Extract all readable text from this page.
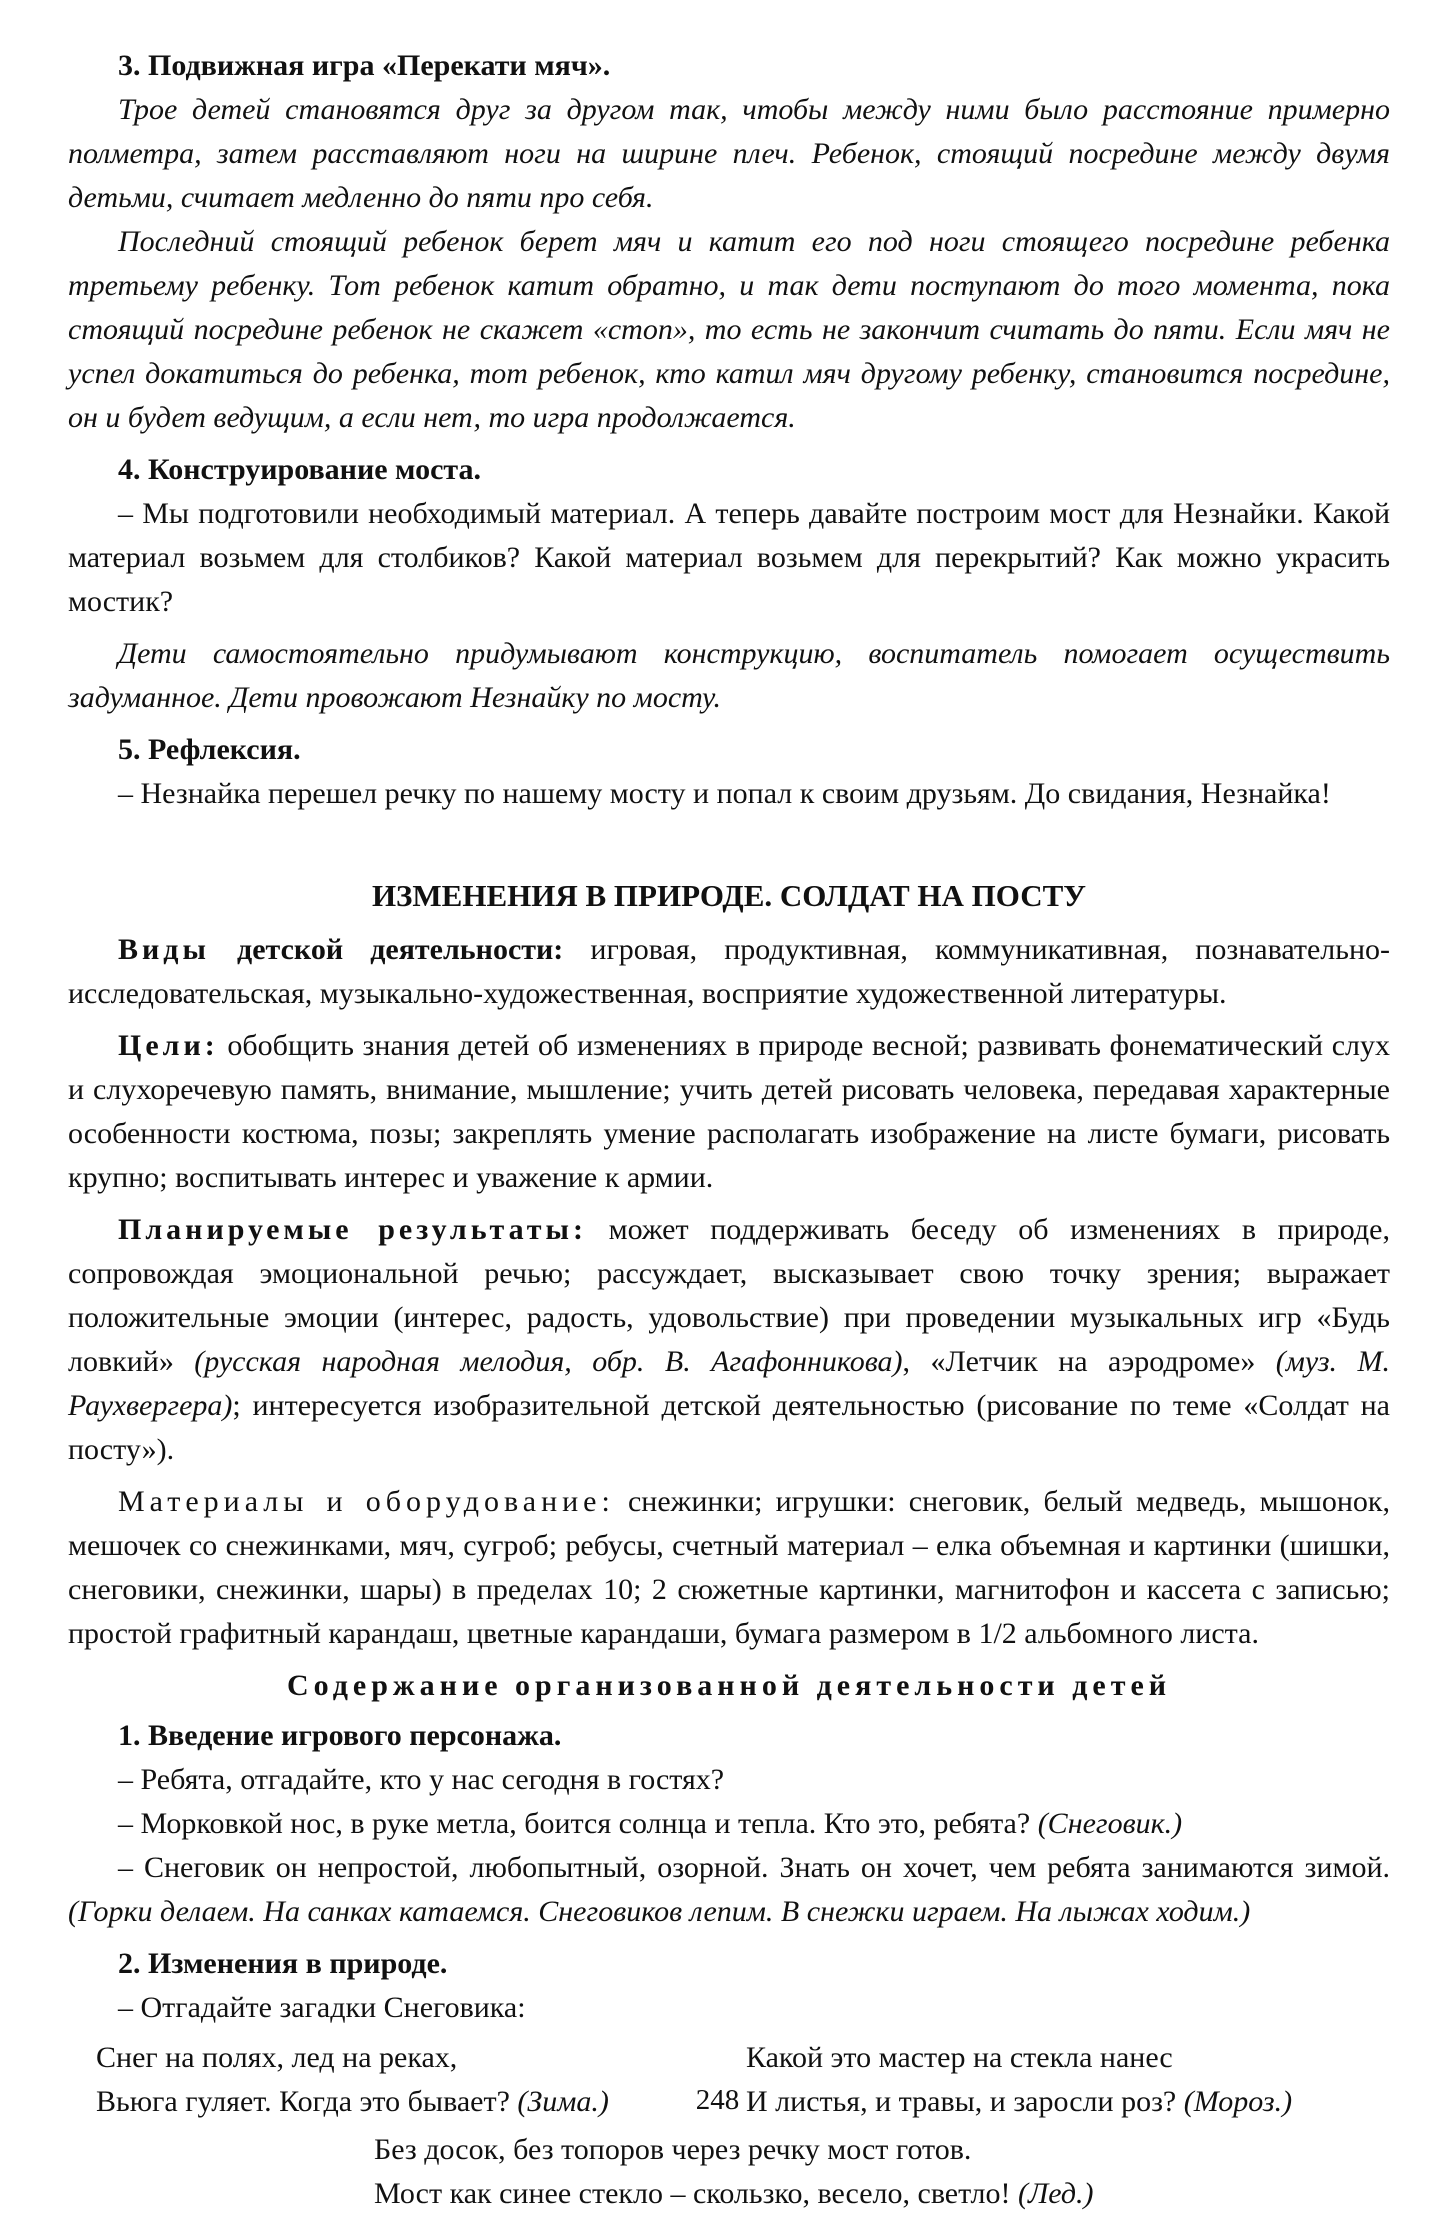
3. Подвижная игра «Перекати мяч».

Трое детей становятся друг за другом так, чтобы между ними было расстояние примерно полметра, затем расставляют ноги на ширине плеч. Ребенок, стоящий посредине между двумя детьми, считает медленно до пяти про себя.

Последний стоящий ребенок берет мяч и катит его под ноги стоящего посредине ребенка третьему ребенку. Тот ребенок катит обратно, и так дети поступают до того момента, пока стоящий посредине ребенок не скажет «стоп», то есть не закончит считать до пяти. Если мяч не успел докатиться до ребенка, тот ребенок, кто катил мяч другому ребенку, становится посредине, он и будет ведущим, а если нет, то игра продолжается.

4. Конструирование моста.

– Мы подготовили необходимый материал. А теперь давайте построим мост для Незнайки. Какой материал возьмем для столбиков? Какой материал возьмем для перекрытий? Как можно украсить мостик?

Дети самостоятельно придумывают конструкцию, воспитатель помогает осуществить задуманное. Дети провожают Незнайку по мосту.

5. Рефлексия.

– Незнайка перешел речку по нашему мосту и попал к своим друзьям. До свидания, Незнайка!

ИЗМЕНЕНИЯ В ПРИРОДЕ. СОЛДАТ НА ПОСТУ

Виды детской деятельности: игровая, продуктивная, коммуникативная, познавательно-исследовательская, музыкально-художественная, восприятие художественной литературы.

Цели: обобщить знания детей об изменениях в природе весной; развивать фонематический слух и слухоречевую память, внимание, мышление; учить детей рисовать человека, передавая характерные особенности костюма, позы; закреплять умение располагать изображение на листе бумаги, рисовать крупно; воспитывать интерес и уважение к армии.

Планируемые результаты: может поддерживать беседу об изменениях в природе, сопровождая эмоциональной речью; рассуждает, высказывает свою точку зрения; выражает положительные эмоции (интерес, радость, удовольствие) при проведении музыкальных игр «Будь ловкий» (русская народная мелодия, обр. В. Агафонникова), «Летчик на аэродроме» (муз. М. Раухвергера); интересуется изобразительной детской деятельностью (рисование по теме «Солдат на посту»).

Материалы и оборудование: снежинки; игрушки: снеговик, белый медведь, мышонок, мешочек со снежинками, мяч, сугроб; ребусы, счетный материал – елка объемная и картинки (шишки, снеговики, снежинки, шары) в пределах 10; 2 сюжетные картинки, магнитофон и кассета с записью; простой графитный карандаш, цветные карандаши, бумага размером в 1/2 альбомного листа.

Содержание организованной деятельности детей

1. Введение игрового персонажа.

– Ребята, отгадайте, кто у нас сегодня в гостях?

– Морковкой нос, в руке метла, боится солнца и тепла. Кто это, ребята? (Снеговик.)

– Снеговик он непростой, любопытный, озорной. Знать он хочет, чем ребята занимаются зимой. (Горки делаем. На санках катаемся. Снеговиков лепим. В снежки играем. На лыжах ходим.)

2. Изменения в природе.

– Отгадайте загадки Снеговика:

Снег на полях, лед на реках,
Вьюга гуляет. Когда это бывает? (Зима.)
Какой это мастер на стекла нанес
И листья, и травы, и заросли роз? (Мороз.)
Без досок, без топоров через речку мост готов.
Мост как синее стекло – скользко, весело, светло! (Лед.)
248
